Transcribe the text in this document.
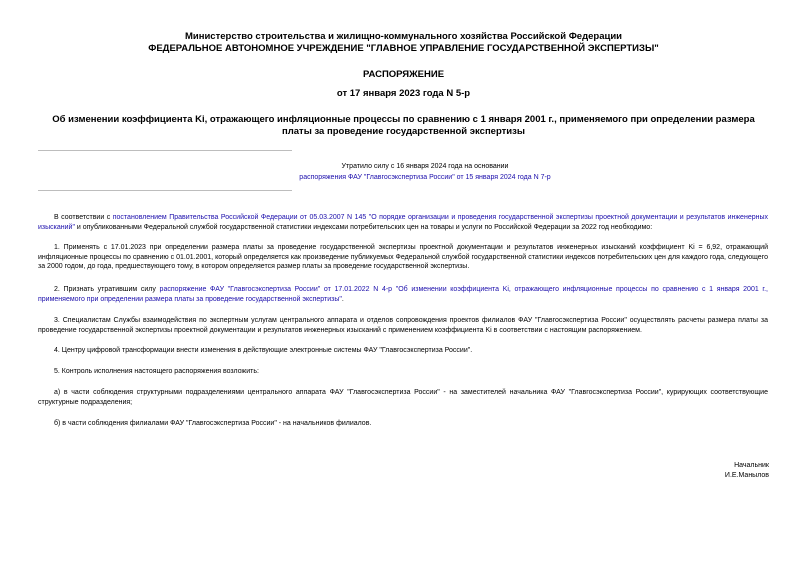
Министерство строительства и жилищно-коммунального хозяйства Российской Федерации
ФЕДЕРАЛЬНОЕ АВТОНОМНОЕ УЧРЕЖДЕНИЕ "ГЛАВНОЕ УПРАВЛЕНИЕ ГОСУДАРСТВЕННОЙ ЭКСПЕРТИЗЫ"
РАСПОРЯЖЕНИЕ
от 17 января 2023 года N 5-р
Об изменении коэффициента Ki, отражающего инфляционные процессы по сравнению с 1 января 2001 г., применяемого при определении размера платы за проведение государственной экспертизы
Утратило силу с 16 января 2024 года на основании
распоряжения ФАУ "Главгосэкспертиза России" от 15 января 2024 года N 7-р
В соответствии с постановлением Правительства Российской Федерации от 05.03.2007 N 145 "О порядке организации и проведения государственной экспертизы проектной документации и результатов инженерных изысканий" и опубликованными Федеральной службой государственной статистики индексами потребительских цен на товары и услуги по Российской Федерации за 2022 год необходимо:
1. Применять с 17.01.2023 при определении размера платы за проведение государственной экспертизы проектной документации и результатов инженерных изысканий коэффициент Ki = 6,92, отражающий инфляционные процессы по сравнению с 01.01.2001, который определяется как произведение публикуемых Федеральной службой государственной статистики индексов потребительских цен для каждого года, следующего за 2000 годом, до года, предшествующего тому, в котором определяется размер платы за проведение государственной экспертизы.
2. Признать утратившим силу распоряжение ФАУ "Главгосэкспертиза России" от 17.01.2022 N 4-р "Об изменении коэффициента Ki, отражающего инфляционные процессы по сравнению с 1 января 2001 г., применяемого при определении размера платы за проведение государственной экспертизы".
3. Специалистам Службы взаимодействия по экспертным услугам центрального аппарата и отделов сопровождения проектов филиалов ФАУ "Главгосэкспертиза России" осуществлять расчеты размера платы за проведение государственной экспертизы проектной документации и результатов инженерных изысканий с применением коэффициента Ki в соответствии с настоящим распоряжением.
4. Центру цифровой трансформации внести изменения в действующие электронные системы ФАУ "Главгосэкспертиза России".
5. Контроль исполнения настоящего распоряжения возложить:
а) в части соблюдения структурными подразделениями центрального аппарата ФАУ "Главгосэкспертиза России" - на заместителей начальника ФАУ "Главгосэкспертиза России", курирующих соответствующие структурные подразделения;
б) в части соблюдения филиалами ФАУ "Главгосэкспертиза России" - на начальников филиалов.
Начальник
И.Е.Манылов
